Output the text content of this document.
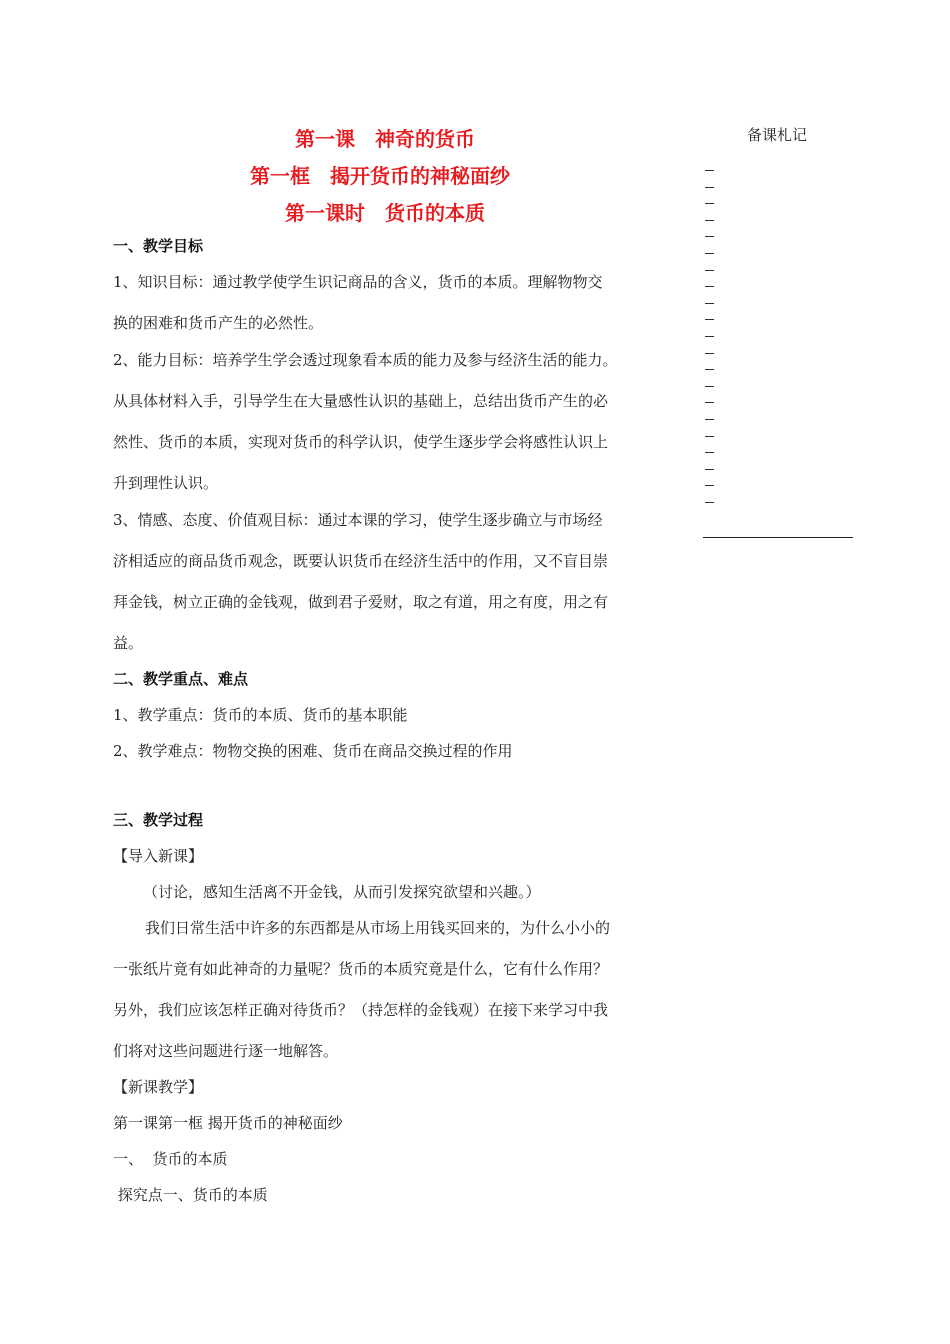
第一课　神奇的货币
第一框　揭开货币的神秘面纱
第一课时　货币的本质
备课札记
一、教学目标
1、知识目标：通过教学使学生识记商品的含义，货币的本质。理解物物交
换的困难和货币产生的必然性。
2、能力目标：培养学生学会透过现象看本质的能力及参与经济生活的能力。
从具体材料入手，引导学生在大量感性认识的基础上，总结出货币产生的必
然性、货币的本质，实现对货币的科学认识，使学生逐步学会将感性认识上
升到理性认识。
3、情感、态度、价值观目标：通过本课的学习，使学生逐步确立与市场经
济相适应的商品货币观念，既要认识货币在经济生活中的作用，又不盲目崇
拜金钱，树立正确的金钱观，做到君子爱财，取之有道，用之有度，用之有
益。
二、教学重点、难点
1、教学重点：货币的本质、货币的基本职能
2、教学难点：物物交换的困难、货币在商品交换过程的作用
三、教学过程
【导入新课】
（讨论，感知生活离不开金钱，从而引发探究欲望和兴趣。）
我们日常生活中许多的东西都是从市场上用钱买回来的，为什么小小的
一张纸片竟有如此神奇的力量呢？货币的本质究竟是什么，它有什么作用？
另外，我们应该怎样正确对待货币？（持怎样的金钱观）在接下来学习中我
们将对这些问题进行逐一地解答。
【新课教学】
第一课第一框 揭开货币的神秘面纱
一、  货币的本质
探究点一、货币的本质
